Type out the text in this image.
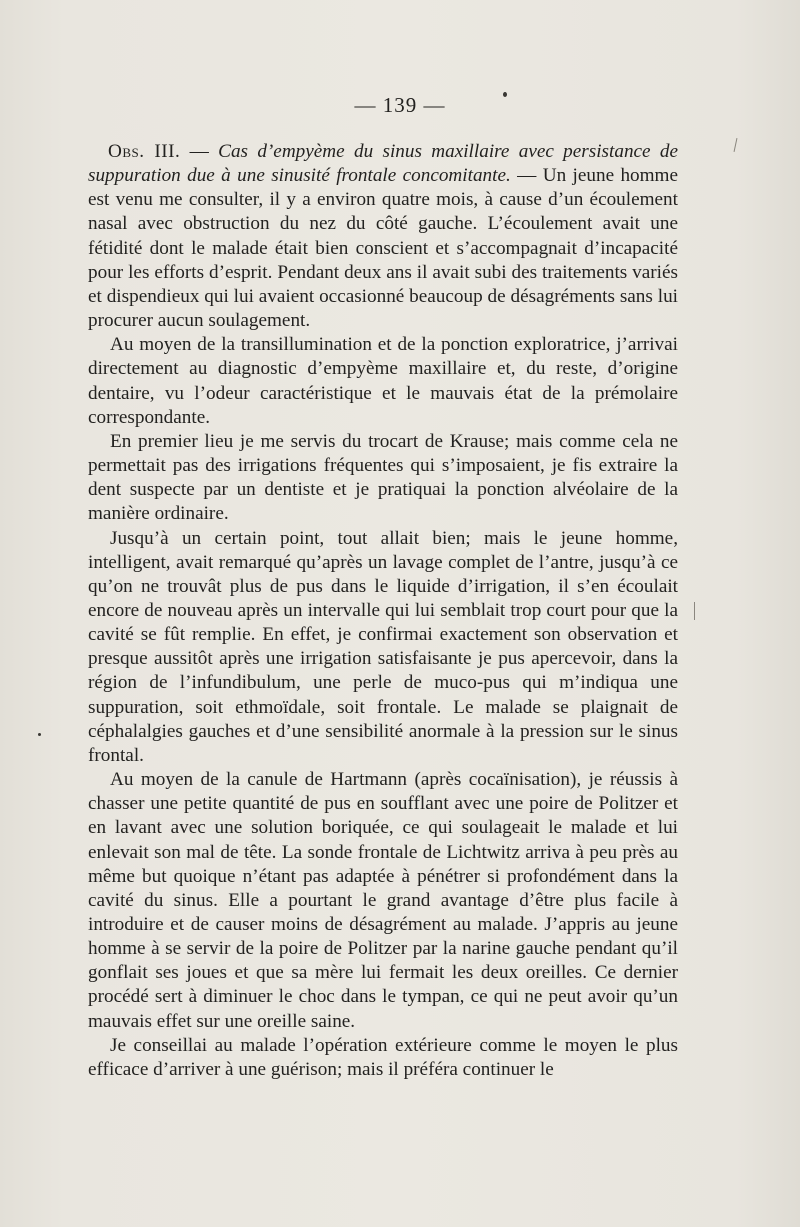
— 139 —

Obs. III. — Cas d’empyème du sinus maxillaire avec persistance de suppuration due à une sinusité frontale concomitante. — Un jeune homme est venu me consulter, il y a environ quatre mois, à cause d’un écoulement nasal avec obstruction du nez du côté gauche. L’écoulement avait une fétidité dont le malade était bien conscient et s’accompagnait d’incapacité pour les efforts d’esprit. Pendant deux ans il avait subi des traitements variés et dispendieux qui lui avaient occasionné beaucoup de désagréments sans lui procurer aucun soulagement.

Au moyen de la transillumination et de la ponction exploratrice, j’arrivai directement au diagnostic d’empyème maxillaire et, du reste, d’origine dentaire, vu l’odeur caractéristique et le mauvais état de la prémolaire correspondante.

En premier lieu je me servis du trocart de Krause; mais comme cela ne permettait pas des irrigations fréquentes qui s’imposaient, je fis extraire la dent suspecte par un dentiste et je pratiquai la ponction alvéolaire de la manière ordinaire.

Jusqu’à un certain point, tout allait bien; mais le jeune homme, intelligent, avait remarqué qu’après un lavage complet de l’antre, jusqu’à ce qu’on ne trouvât plus de pus dans le liquide d’irrigation, il s’en écoulait encore de nouveau après un intervalle qui lui semblait trop court pour que la cavité se fût remplie. En effet, je confirmai exactement son observation et presque aussitôt après une irrigation satisfaisante je pus apercevoir, dans la région de l’infundibulum, une perle de muco-pus qui m’indiqua une suppuration, soit ethmoïdale, soit frontale. Le malade se plaignait de céphalalgies gauches et d’une sensibilité anormale à la pression sur le sinus frontal.

Au moyen de la canule de Hartmann (après cocaïnisation), je réussis à chasser une petite quantité de pus en soufflant avec une poire de Politzer et en lavant avec une solution boriquée, ce qui soulageait le malade et lui enlevait son mal de tête. La sonde frontale de Lichtwitz arriva à peu près au même but quoique n’étant pas adaptée à pénétrer si profondément dans la cavité du sinus. Elle a pourtant le grand avantage d’être plus facile à introduire et de causer moins de désagrément au malade. J’appris au jeune homme à se servir de la poire de Politzer par la narine gauche pendant qu’il gonflait ses joues et que sa mère lui fermait les deux oreilles. Ce dernier procédé sert à diminuer le choc dans le tympan, ce qui ne peut avoir qu’un mauvais effet sur une oreille saine.

Je conseillai au malade l’opération extérieure comme le moyen le plus efficace d’arriver à une guérison; mais il préféra continuer le
